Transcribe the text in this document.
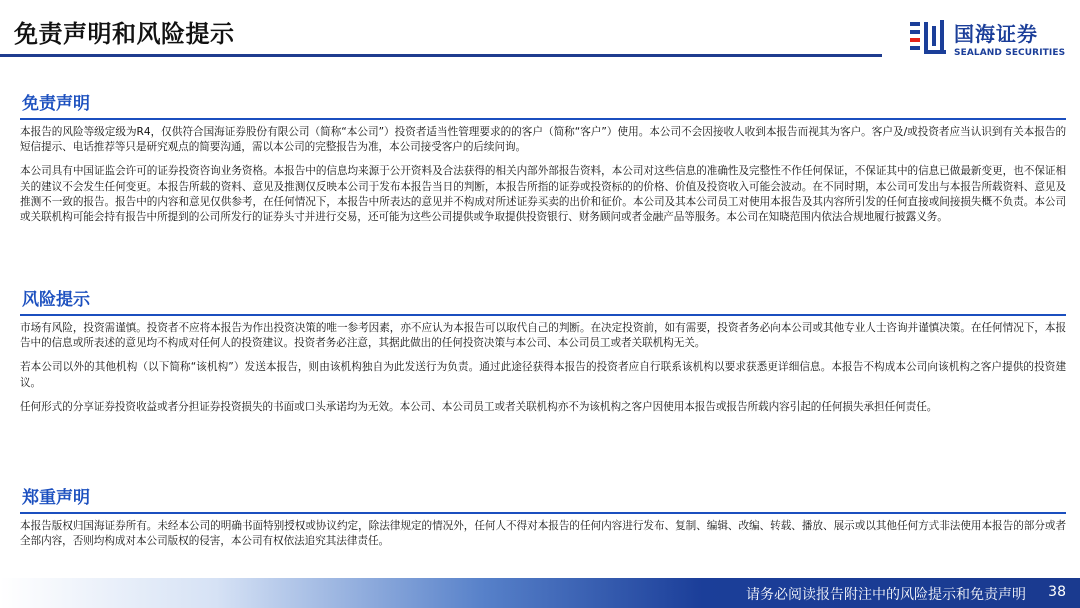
免责声明和风险提示	国海证券
SEALAND SECURITIES
免责声明

本报告的风险等级定级为R4，仅供符合国海证券股份有限公司（简称“本公司”）投资者适当性管理要求的的客户（简称“客户”）使用。本公司不会因接收人收到本报告而视其为客户。客户及/或投资者应当认识到有关本报告的短信提示、电话推荐等只是研究观点的简要沟通，需以本公司的完整报告为准，本公司接受客户的后续问询。

本公司具有中国证监会许可的证券投资咨询业务资格。本报告中的信息均来源于公开资料及合法获得的相关内部外部报告资料，本公司对这些信息的准确性及完整性不作任何保证，不保证其中的信息已做最新变更，也不保证相关的建议不会发生任何变更。本报告所载的资料、意见及推测仅反映本公司于发布本报告当日的判断，本报告所指的证券或投资标的的价格、价值及投资收入可能会波动。在不同时期，本公司可发出与本报告所载资料、意见及推测不一致的报告。报告中的内容和意见仅供参考，在任何情况下，本报告中所表达的意见并不构成对所述证券买卖的出价和征价。本公司及其本公司员工对使用本报告及其内容所引发的任何直接或间接损失概不负责。本公司或关联机构可能会持有报告中所提到的公司所发行的证券头寸并进行交易，还可能为这些公司提供或争取提供投资银行、财务顾问或者金融产品等服务。本公司在知晓范围内依法合规地履行披露义务。

风险提示

市场有风险，投资需谨慎。投资者不应将本报告为作出投资决策的唯一参考因素，亦不应认为本报告可以取代自己的判断。在决定投资前，如有需要，投资者务必向本公司或其他专业人士咨询并谨慎决策。在任何情况下，本报告中的信息或所表述的意见均不构成对任何人的投资建议。投资者务必注意，其据此做出的任何投资决策与本公司、本公司员工或者关联机构无关。

若本公司以外的其他机构（以下简称“该机构”）发送本报告，则由该机构独自为此发送行为负责。通过此途径获得本报告的投资者应自行联系该机构以要求获悉更详细信息。本报告不构成本公司向该机构之客户提供的投资建议。

任何形式的分享证券投资收益或者分担证券投资损失的书面或口头承诺均为无效。本公司、本公司员工或者关联机构亦不为该机构之客户因使用本报告或报告所载内容引起的任何损失承担任何责任。

郑重声明

本报告版权归国海证券所有。未经本公司的明确书面特别授权或协议约定，除法律规定的情况外，任何人不得对本报告的任何内容进行发布、复制、编辑、改编、转载、播放、展示或以其他任何方式非法使用本报告的部分或者全部内容，否则均构成对本公司版权的侵害，本公司有权依法追究其法律责任。

请务必阅读报告附注中的风险提示和免责声明 38
